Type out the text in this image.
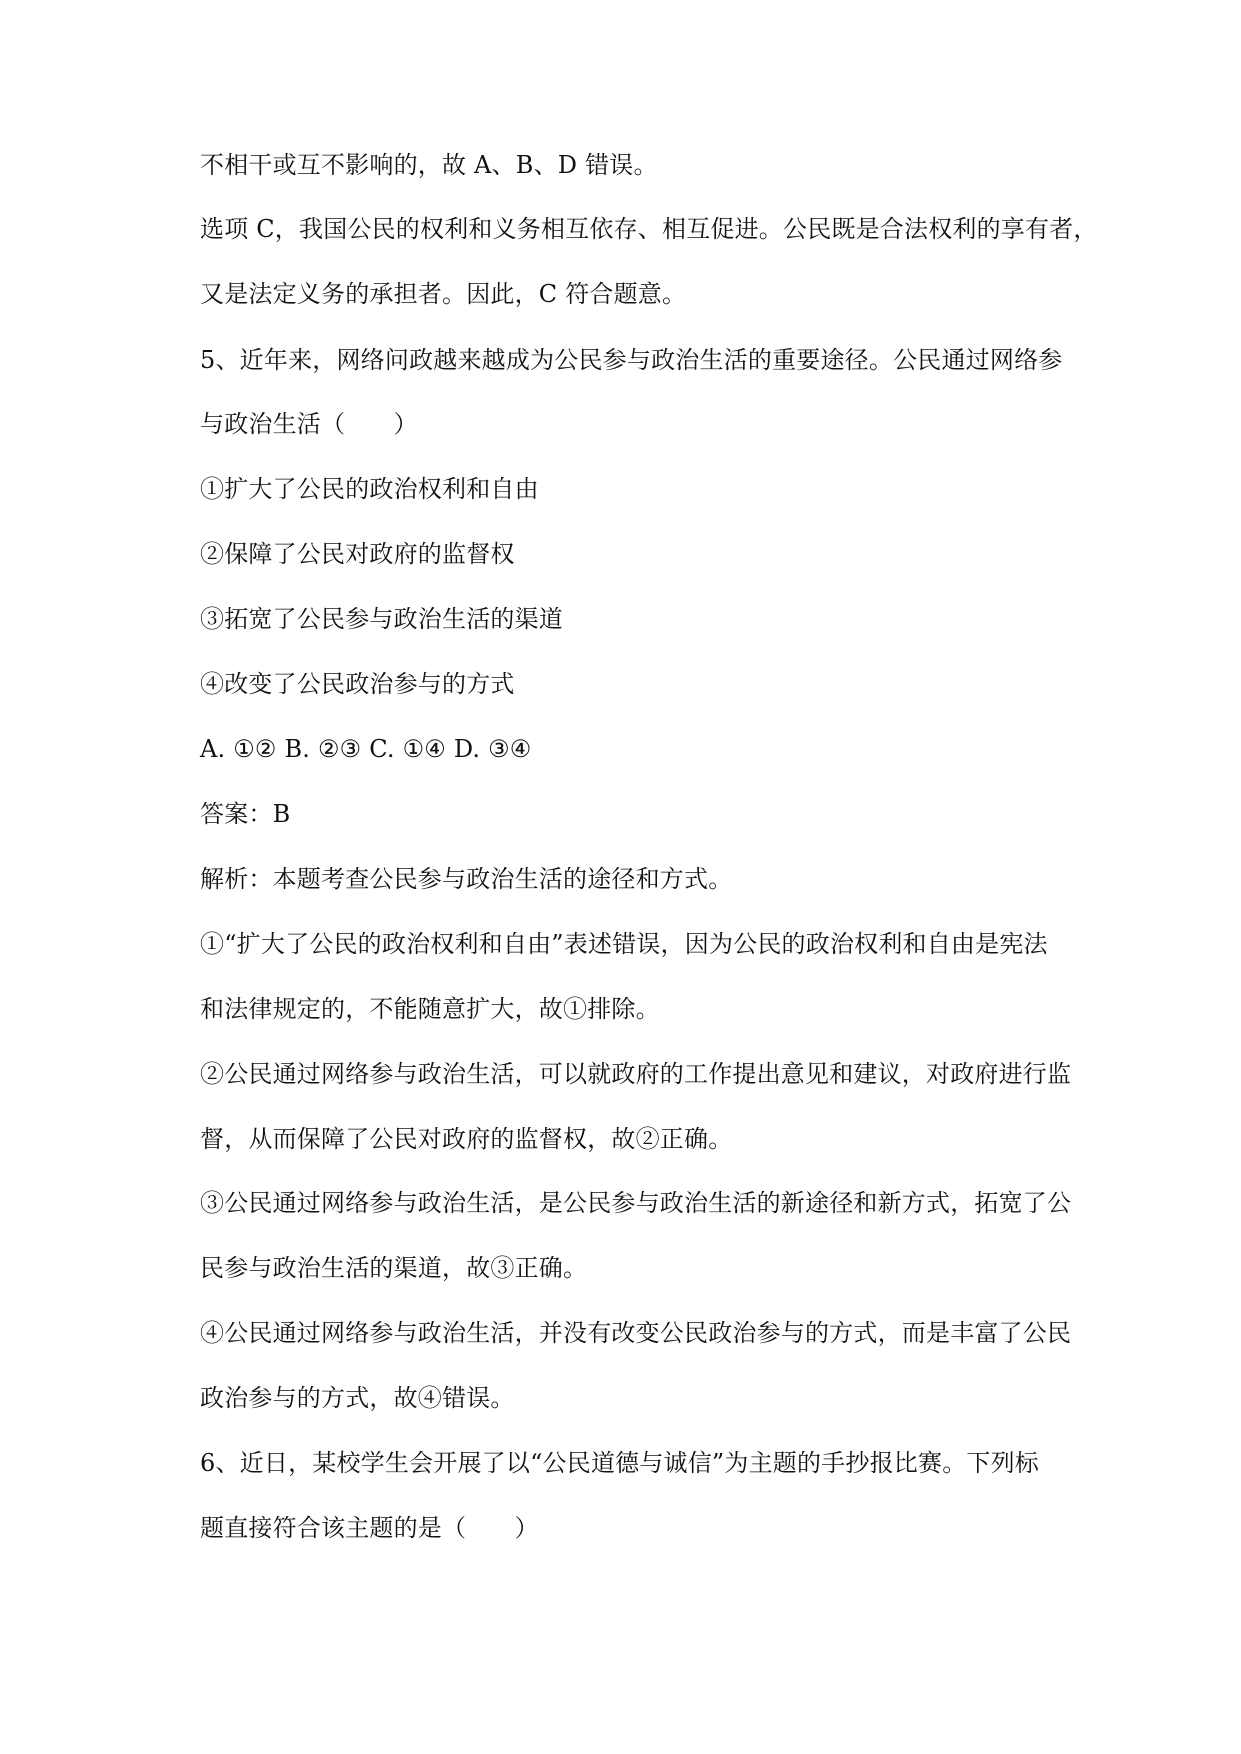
不相干或互不影响的，故 A、B、D 错误。
选项 C，我国公民的权利和义务相互依存、相互促进。公民既是合法权利的享有者，
又是法定义务的承担者。因此，C 符合题意。
5、近年来，网络问政越来越成为公民参与政治生活的重要途径。公民通过网络参
与政治生活（　　）
①扩大了公民的政治权利和自由
②保障了公民对政府的监督权
③拓宽了公民参与政治生活的渠道
④改变了公民政治参与的方式
A. ①② B. ②③ C. ①④ D. ③④
答案：B
解析：本题考查公民参与政治生活的途径和方式。
①“扩大了公民的政治权利和自由”表述错误，因为公民的政治权利和自由是宪法
和法律规定的，不能随意扩大，故①排除。
②公民通过网络参与政治生活，可以就政府的工作提出意见和建议，对政府进行监
督，从而保障了公民对政府的监督权，故②正确。
③公民通过网络参与政治生活，是公民参与政治生活的新途径和新方式，拓宽了公
民参与政治生活的渠道，故③正确。
④公民通过网络参与政治生活，并没有改变公民政治参与的方式，而是丰富了公民
政治参与的方式，故④错误。
6、近日，某校学生会开展了以“公民道德与诚信”为主题的手抄报比赛。下列标
题直接符合该主题的是（　　）
